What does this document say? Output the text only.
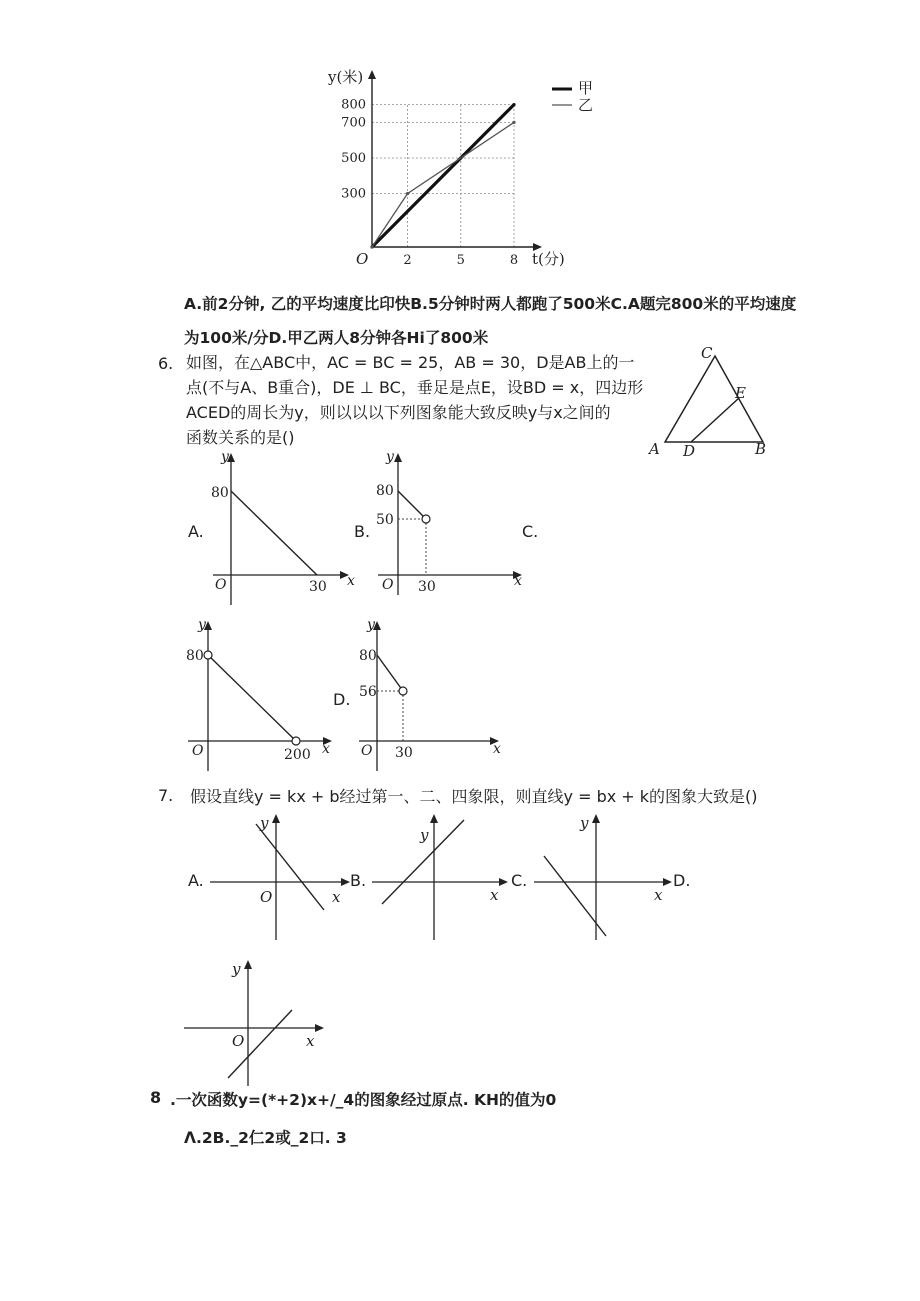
300
500
700
800
2	5	8
y(米)
t(分)
O
甲
乙
A.前2分钟, 乙的平均速度比印快B.5分钟时两人都跑了500米C.A题完800米的平均速度
为100米/分D.甲乙两人8分钟各Hi了800米
6. 如图，在△ABC中，AC = BC = 25，AB = 30，D是AB上的一
点(不与A、B重合)，DE ⊥ BC，垂足是点E，设BD = x，四边形
ACED的周长为y，则以以以下列图象能大致反映y与x之间的
函数关系的是()
C
E
A D	B
A.	B.	C.
D.
y
x
O
80
30
y
x
O
80
50
30
y
x
O
80
200
y
x
O
80
56
30
7. 假设直线y = kx + b经过第一、二、四象限，则直线y = bx + k的图象大致是()
A.	B.	C.	D.
y
x
O
y
x
y
x
y
x
O
8 .一次函数y=(*+2)x+/_4的图象经过原点. KH的值为0
Λ.2B._2仁2或_2口. 3
